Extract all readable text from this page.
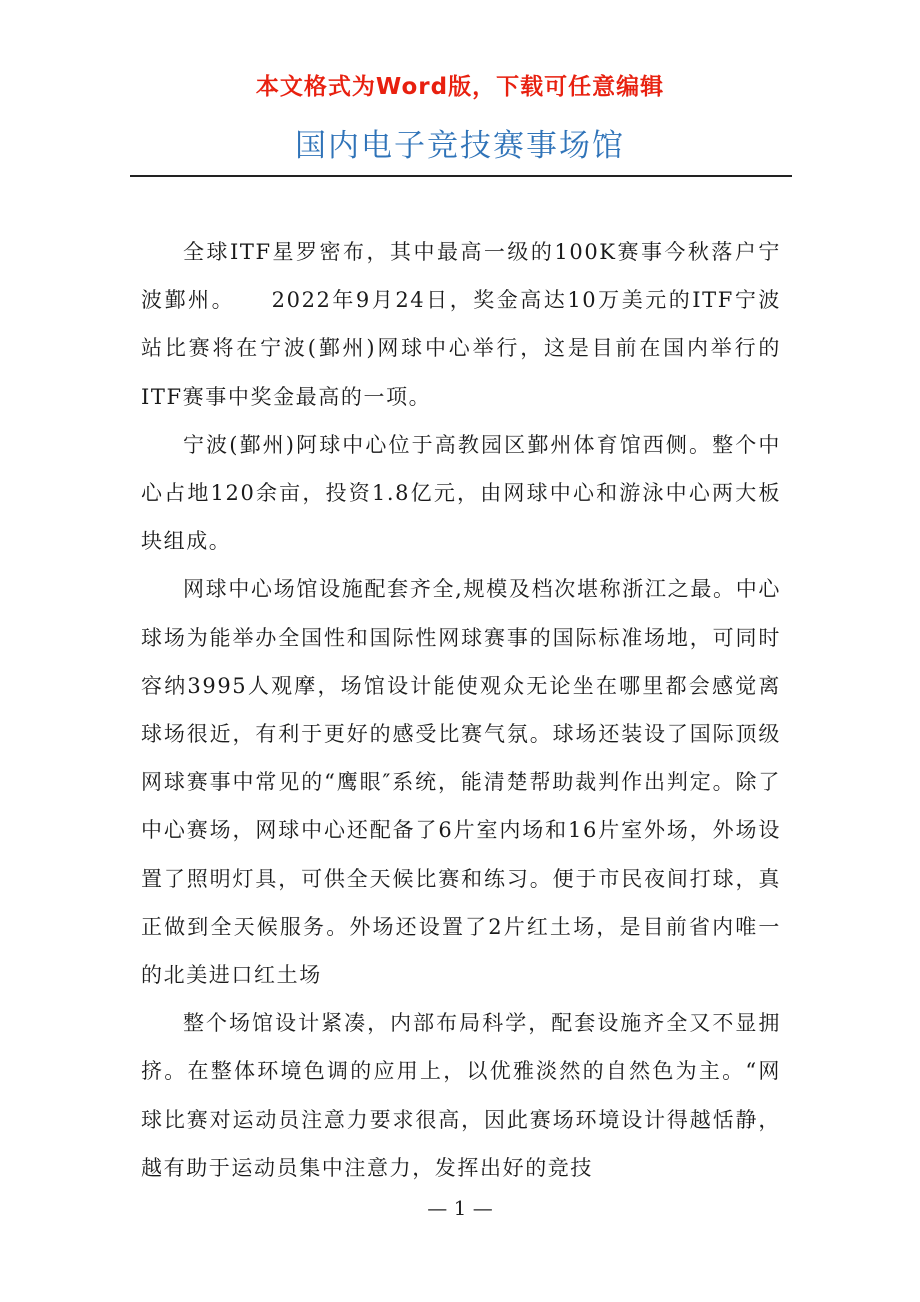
本文格式为Word版，下载可任意编辑
国内电子竞技赛事场馆

全球ITF星罗密布，其中最高一级的100K赛事今秋落户宁波鄞州。　　2022年9月24日，奖金高达10万美元的ITF宁波站比赛将在宁波(鄞州)网球中心举行，这是目前在国内举行的ITF赛事中奖金最高的一项。

宁波(鄞州)阿球中心位于高教园区鄞州体育馆西侧。整个中心占地120余亩，投资1.8亿元，由网球中心和游泳中心两大板块组成。

网球中心场馆设施配套齐全,规模及档次堪称浙江之最。中心球场为能举办全国性和国际性网球赛事的国际标准场地，可同时容纳3995人观摩，场馆设计能使观众无论坐在哪里都会感觉离球场很近，有利于更好的感受比赛气氛。球场还装设了国际顶级网球赛事中常见的“鹰眼″系统，能清楚帮助裁判作出判定。除了中心赛场，网球中心还配备了6片室内场和16片室外场，外场设置了照明灯具，可供全天候比赛和练习。便于市民夜间打球，真正做到全天候服务。外场还设置了2片红土场，是目前省内唯一的北美进口红土场

整个场馆设计紧凑，内部布局科学，配套设施齐全又不显拥挤。在整体环境色调的应用上，以优雅淡然的自然色为主。“网球比赛对运动员注意力要求很高，因此赛场环境设计得越恬静，越有助于运动员集中注意力，发挥出好的竞技

— 1 —
